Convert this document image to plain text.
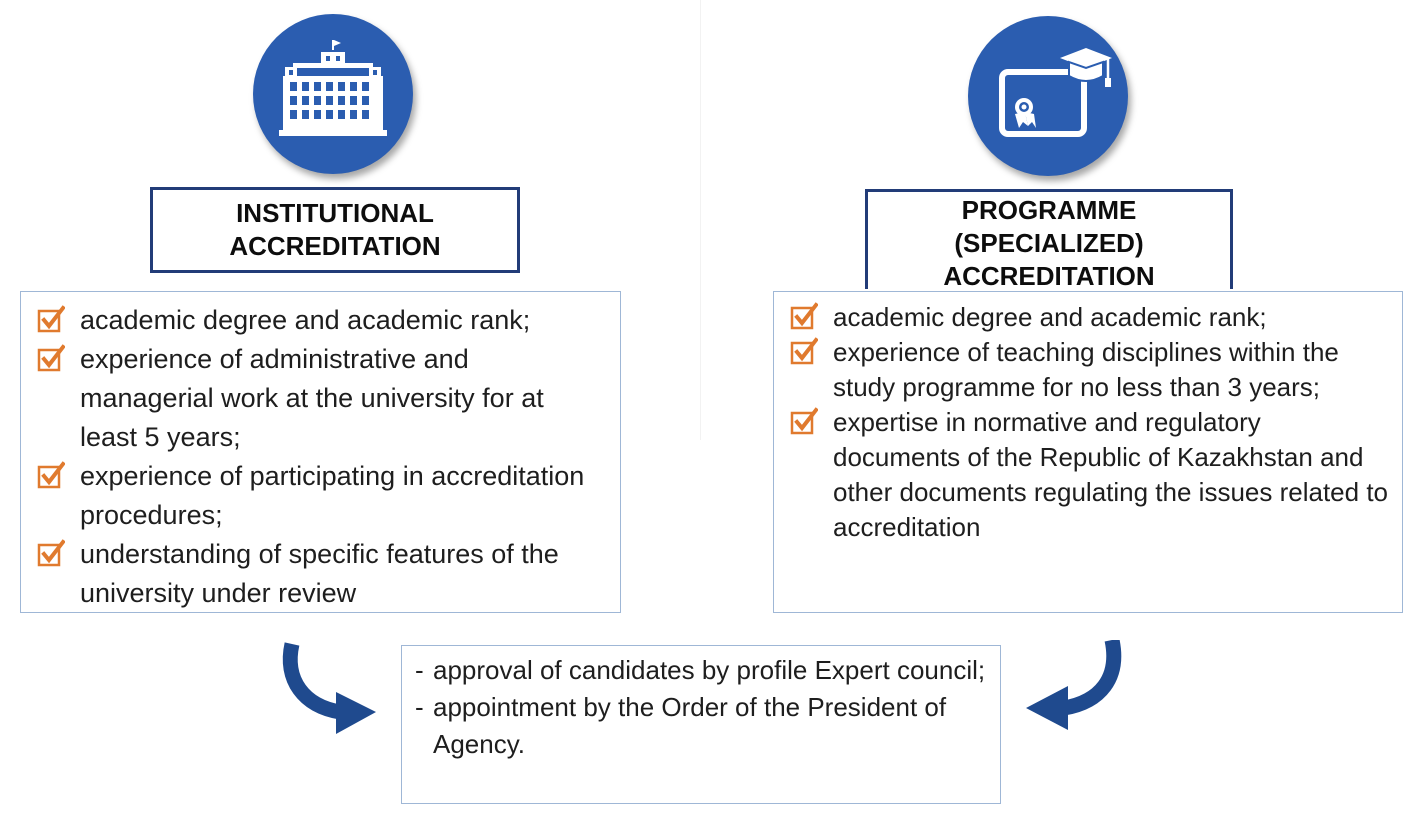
INSTITUTIONAL
ACCREDITATION
academic degree and academic rank;
experience of administrative and managerial work at the university for at least 5 years;
experience of participating in accreditation procedures;
understanding of specific features of the university under review
PROGRAMME
(SPECIALIZED)
ACCREDITATION
academic degree and academic rank;
experience of teaching disciplines within the study programme for no less than 3 years;
expertise in normative and regulatory documents of the Republic of Kazakhstan and other documents regulating the issues related to accreditation
- approval of candidates by profile Expert council;
- appointment by the Order of the President of Agency.
